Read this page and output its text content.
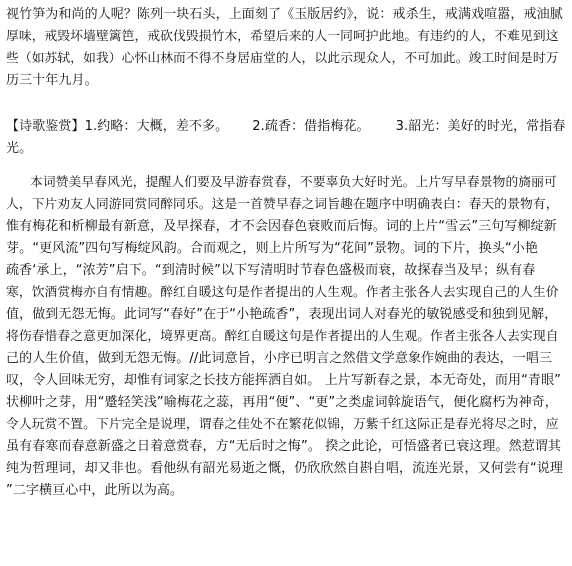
视竹笋为和尚的人呢？陈列一块石头，上面刻了《玉版居约》，说：戒杀生，戒满戏喧嚣，戒油腻
厚味，戒毁坏墙壁篱笆，戒砍伐毁损竹木，希望后来的人一同呵护此地。有违约的人，不难见到这
些（如苏轼，如我）心怀山林而不得不身居庙堂的人，以此示现众人，不可加此。竣工时间是时万
历三十年九月。
【诗歌鉴赏】1.约略：大概，差不多。 2.疏香：借指梅花。 3.韶光：美好的时光，常指春
光。
本词赞美早春风光，提醒人们要及早游春赏春，不要辜负大好时光。上片写早春景物的旖丽可
人，下片劝友人同游同赏同醉同乐。这是一首赞早春之词旨趣在题序中明确表白：春天的景物有，
惟有梅花和析柳最有新意，及早探春，才不会因春色衰败而后悔。词的上片“雪云”三句写柳绽新
芽。“更风流”四句写梅绽风韵。合而观之，则上片所写为“花间”景物。词的下片，换头“小艳
疏香‘承上，“浓芳”启下。“到清时候”以下写清明时节春色盛极而衰，故探春当及早；纵有春
寒，饮酒赏梅亦自有情趣。醉红自暖这句是作者提出的人生观。作者主张各人去实现自己的人生价
值，做到无怨无悔。此词写“春好”在于“小艳疏香”，表现出词人对春光的敏锐感受和独到见解，
将伤春惜春之意更加深化，境界更高。醉红自暖这句是作者提出的人生观。作者主张各人去实现自
己的人生价值，做到无怨无悔。//此词意旨，小序已明言之然借文学意象作婉曲的表达，一唱三
叹，令人回味无穷，却惟有词家之长技方能挥洒自如。 上片写新春之景，本无奇处，而用“青眼”
状柳叶之芽，用“蹙轻笑浅”喻梅花之蕊，再用“便”、“更”之类虚词斡旋语气，便化腐朽为神奇，
令人玩赏不置。下片完全是说理，谓春之佳处不在繁花似锦，万紫千红这际正是春光将尽之时，应
虽有春寒而春意新盛之日着意赏春，方“无后时之悔”。 揆之此论，可悟盛者已衰这理。然惹谓其
纯为哲理词，却又非也。看他纵有韶光易逝之慨，仍欣欣然自斟自唱，流连光景，又何尝有“说理
”二字横亘心中，此所以为高。
